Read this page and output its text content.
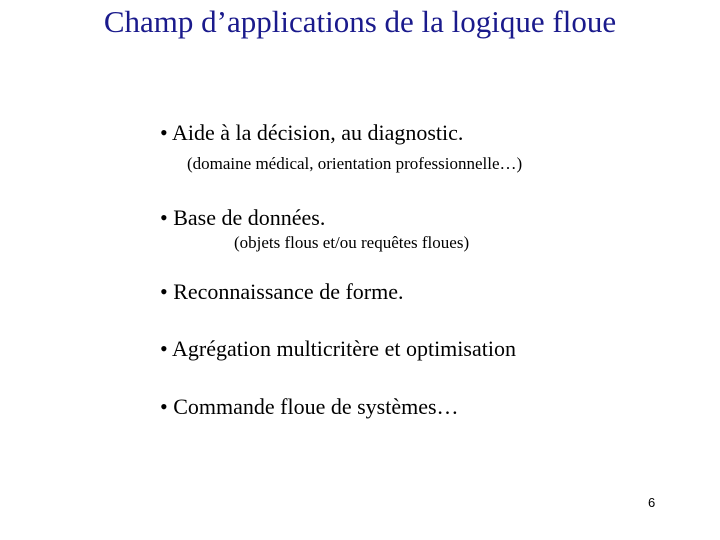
Champ d’applications de la logique floue
• Aide à la décision, au diagnostic.
(domaine médical, orientation professionnelle…)
• Base de données.
(objets flous et/ou requêtes floues)
• Reconnaissance de forme.
• Agrégation multicritère et optimisation
• Commande floue de systèmes…
6
